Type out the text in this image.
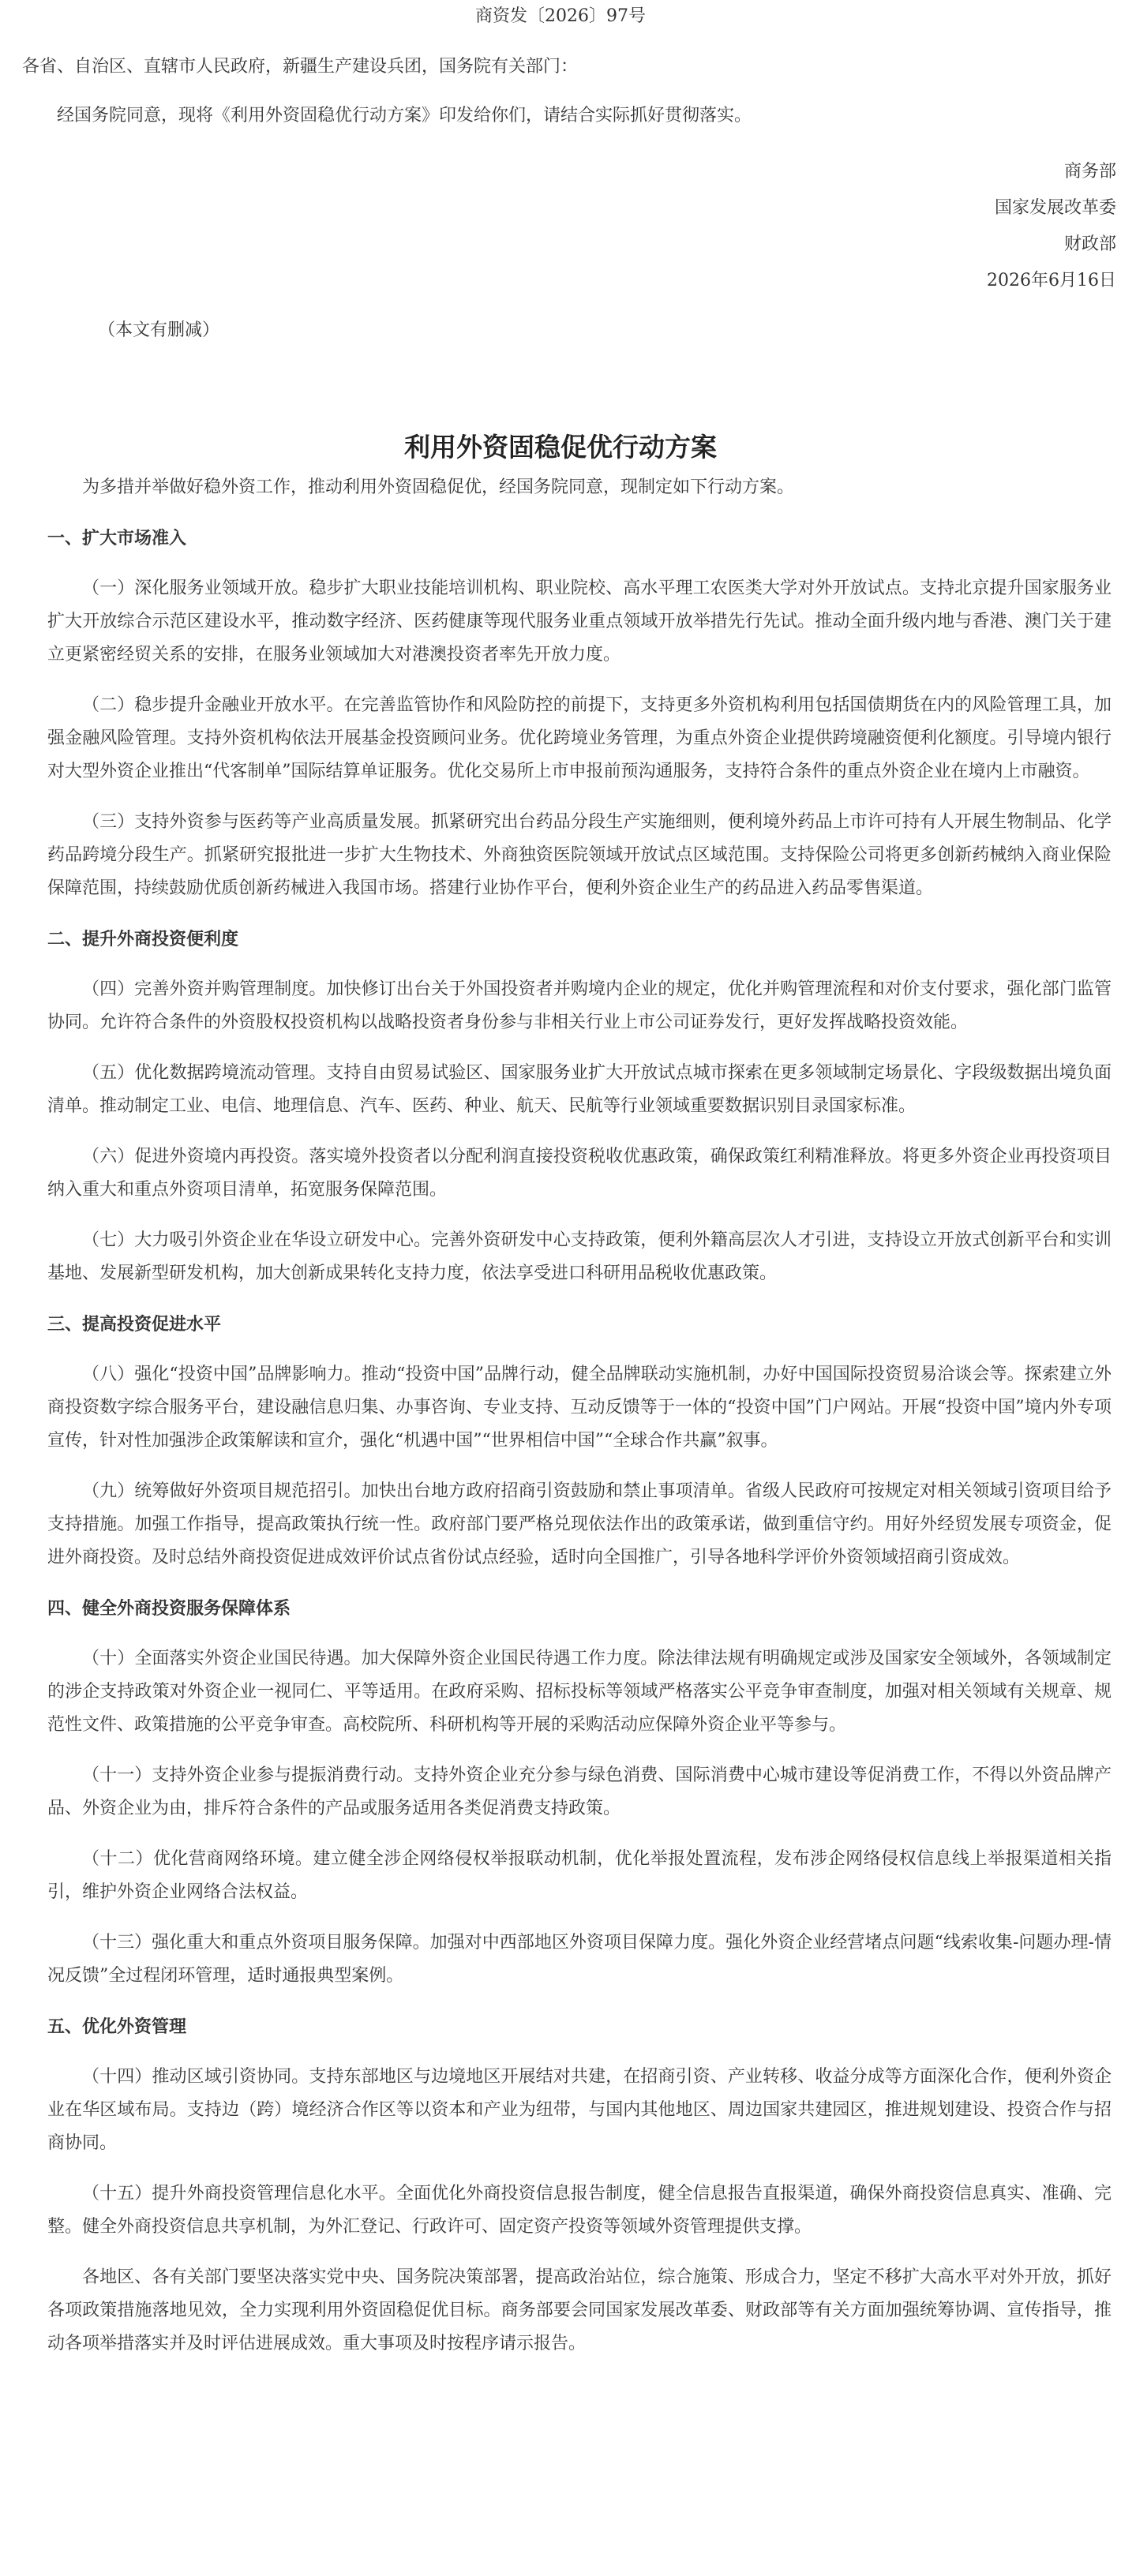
商资发〔2026〕97号
各省、自治区、直辖市人民政府，新疆生产建设兵团，国务院有关部门：
经国务院同意，现将《利用外资固稳优行动方案》印发给你们，请结合实际抓好贯彻落实。
商务部
国家发展改革委
财政部
2026年6月16日
（本文有删减）
利用外资固稳促优行动方案

为多措并举做好稳外资工作，推动利用外资固稳促优，经国务院同意，现制定如下行动方案。

一、扩大市场准入

（一）深化服务业领域开放。稳步扩大职业技能培训机构、职业院校、高水平理工农医类大学对外开放试点。支持北京提升国家服务业扩大开放综合示范区建设水平，推动数字经济、医药健康等现代服务业重点领域开放举措先行先试。推动全面升级内地与香港、澳门关于建立更紧密经贸关系的安排，在服务业领域加大对港澳投资者率先开放力度。

（二）稳步提升金融业开放水平。在完善监管协作和风险防控的前提下，支持更多外资机构利用包括国债期货在内的风险管理工具，加强金融风险管理。支持外资机构依法开展基金投资顾问业务。优化跨境业务管理，为重点外资企业提供跨境融资便利化额度。引导境内银行对大型外资企业推出“代客制单”国际结算单证服务。优化交易所上市申报前预沟通服务，支持符合条件的重点外资企业在境内上市融资。

（三）支持外资参与医药等产业高质量发展。抓紧研究出台药品分段生产实施细则，便利境外药品上市许可持有人开展生物制品、化学药品跨境分段生产。抓紧研究报批进一步扩大生物技术、外商独资医院领域开放试点区域范围。支持保险公司将更多创新药械纳入商业保险保障范围，持续鼓励优质创新药械进入我国市场。搭建行业协作平台，便利外资企业生产的药品进入药品零售渠道。

二、提升外商投资便利度

（四）完善外资并购管理制度。加快修订出台关于外国投资者并购境内企业的规定，优化并购管理流程和对价支付要求，强化部门监管协同。允许符合条件的外资股权投资机构以战略投资者身份参与非相关行业上市公司证券发行，更好发挥战略投资效能。

（五）优化数据跨境流动管理。支持自由贸易试验区、国家服务业扩大开放试点城市探索在更多领域制定场景化、字段级数据出境负面清单。推动制定工业、电信、地理信息、汽车、医药、种业、航天、民航等行业领域重要数据识别目录国家标准。

（六）促进外资境内再投资。落实境外投资者以分配利润直接投资税收优惠政策，确保政策红利精准释放。将更多外资企业再投资项目纳入重大和重点外资项目清单，拓宽服务保障范围。

（七）大力吸引外资企业在华设立研发中心。完善外资研发中心支持政策，便利外籍高层次人才引进，支持设立开放式创新平台和实训基地、发展新型研发机构，加大创新成果转化支持力度，依法享受进口科研用品税收优惠政策。

三、提高投资促进水平

（八）强化“投资中国”品牌影响力。推动“投资中国”品牌行动，健全品牌联动实施机制，办好中国国际投资贸易洽谈会等。探索建立外商投资数字综合服务平台，建设融信息归集、办事咨询、专业支持、互动反馈等于一体的“投资中国”门户网站。开展“投资中国”境内外专项宣传，针对性加强涉企政策解读和宣介，强化“机遇中国”“世界相信中国”“全球合作共赢”叙事。

（九）统筹做好外资项目规范招引。加快出台地方政府招商引资鼓励和禁止事项清单。省级人民政府可按规定对相关领域引资项目给予支持措施。加强工作指导，提高政策执行统一性。政府部门要严格兑现依法作出的政策承诺，做到重信守约。用好外经贸发展专项资金，促进外商投资。及时总结外商投资促进成效评价试点省份试点经验，适时向全国推广，引导各地科学评价外资领域招商引资成效。

四、健全外商投资服务保障体系

（十）全面落实外资企业国民待遇。加大保障外资企业国民待遇工作力度。除法律法规有明确规定或涉及国家安全领域外，各领域制定的涉企支持政策对外资企业一视同仁、平等适用。在政府采购、招标投标等领域严格落实公平竞争审查制度，加强对相关领域有关规章、规范性文件、政策措施的公平竞争审查。高校院所、科研机构等开展的采购活动应保障外资企业平等参与。

（十一）支持外资企业参与提振消费行动。支持外资企业充分参与绿色消费、国际消费中心城市建设等促消费工作，不得以外资品牌产品、外资企业为由，排斥符合条件的产品或服务适用各类促消费支持政策。

（十二）优化营商网络环境。建立健全涉企网络侵权举报联动机制，优化举报处置流程，发布涉企网络侵权信息线上举报渠道相关指引，维护外资企业网络合法权益。

（十三）强化重大和重点外资项目服务保障。加强对中西部地区外资项目保障力度。强化外资企业经营堵点问题“线索收集-问题办理-情况反馈”全过程闭环管理，适时通报典型案例。

五、优化外资管理

（十四）推动区域引资协同。支持东部地区与边境地区开展结对共建，在招商引资、产业转移、收益分成等方面深化合作，便利外资企业在华区域布局。支持边（跨）境经济合作区等以资本和产业为纽带，与国内其他地区、周边国家共建园区，推进规划建设、投资合作与招商协同。

（十五）提升外商投资管理信息化水平。全面优化外商投资信息报告制度，健全信息报告直报渠道，确保外商投资信息真实、准确、完整。健全外商投资信息共享机制，为外汇登记、行政许可、固定资产投资等领域外资管理提供支撑。

各地区、各有关部门要坚决落实党中央、国务院决策部署，提高政治站位，综合施策、形成合力，坚定不移扩大高水平对外开放，抓好各项政策措施落地见效，全力实现利用外资固稳促优目标。商务部要会同国家发展改革委、财政部等有关方面加强统筹协调、宣传指导，推动各项举措落实并及时评估进展成效。重大事项及时按程序请示报告。
